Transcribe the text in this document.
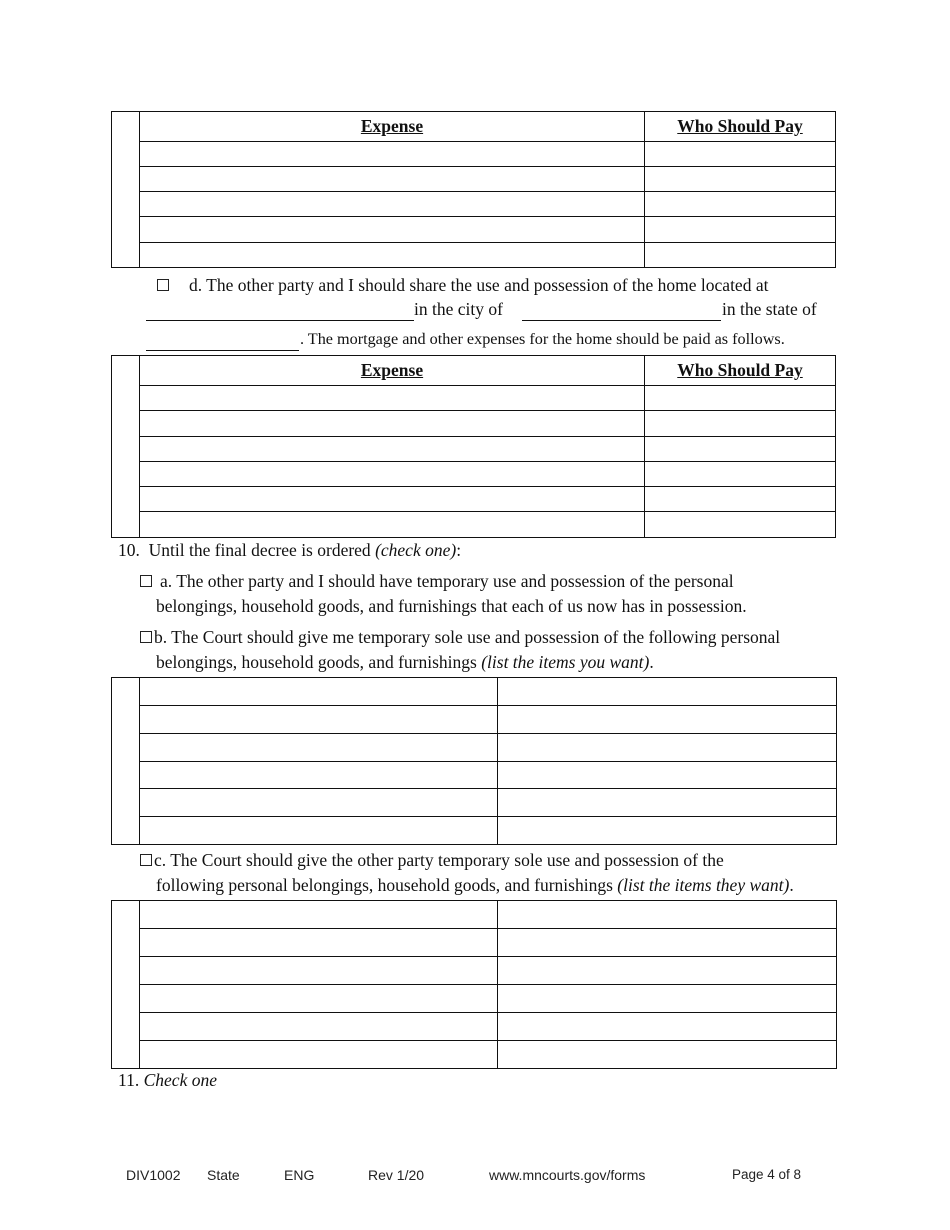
	Expense	Who Should Pay

d. The other party and I should share the use and possession of the home located at
in the city of	in the state of
. The mortgage and other expenses for the home should be paid as follows.
	Expense	Who Should Pay

10. Until the final decree is ordered (check one):
a. The other party and I should have temporary use and possession of the personal
belongings, household goods, and furnishings that each of us now has in possession.
b. The Court should give me temporary sole use and possession of the following personal
belongings, household goods, and furnishings (list the items you want).

c. The Court should give the other party temporary sole use and possession of the
following personal belongings, household goods, and furnishings (list the items they want).

11. Check one
DIV1002 State	ENG	Rev 1/20	www.mncourts.gov/forms	Page 4 of 8
